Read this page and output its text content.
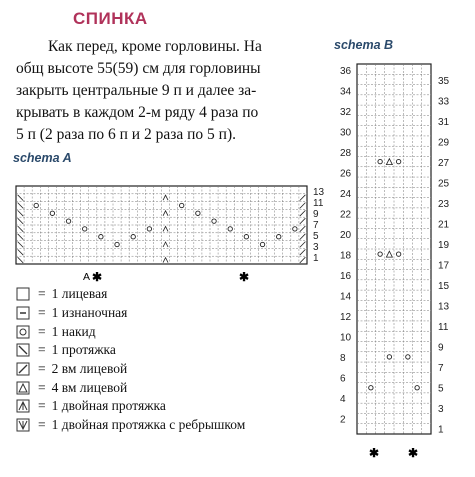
СПИНКА
Как перед, кроме горловины. На
общ высоте 55(59) см для горловины
закрыть центральные 9 п и далее за-
крывать в каждом 2-м ряду 4 раза по
5 п (2 раза по 6 п и 2 раза по 5 п).
schema A
schema B
13
11
9
7
5
3
1
A ✱	✱
36
34
32
30
28
26
24
22
20
18
16
14
12
10
8
6
4
2
35
33
31
29
27
25
23
21
19
17
15
13
11
9
7
5
3
1
✱ ✱
= 1 лицевая
= 1 изнаночная
= 1 накид
= 1 протяжка
= 2 вм лицевой
= 4 вм лицевой
= 1 двойная протяжка
= 1 двойная протяжка с ребрышком
